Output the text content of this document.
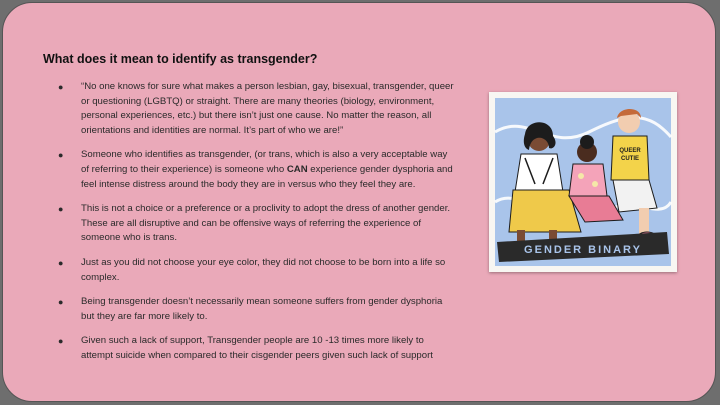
What does it mean to identify as transgender?
● “No one knows for sure what makes a person lesbian, gay, bisexual, transgender, queer or questioning (LGBTQ) or straight. There are many theories (biology, environment, personal experiences, etc.) but there isn’t just one cause. No matter the reason, all orientations and identities are normal. It’s part of who we are!”
● Someone who identifies as transgender, (or trans, which is also a very acceptable way of referring to their experience) is someone who CAN experience gender dysphoria and feel intense distress around the body they are in versus who they feel they are.
● This is not a choice or a preference or a proclivity to adopt the dress of another gender. These are all disruptive and can be offensive ways of referring the experience of someone who is trans.
● Just as you did not choose your eye color, they did not choose to be born into a life so complex.
● Being transgender doesn’t necessarily mean someone suffers from gender dysphoria but they are far more likely to.
● Given such a lack of support, Transgender people are 10 -13 times more likely to attempt suicide when compared to their cisgender peers given such lack of support
QUEER
CUTIE
GENDER BINARY
